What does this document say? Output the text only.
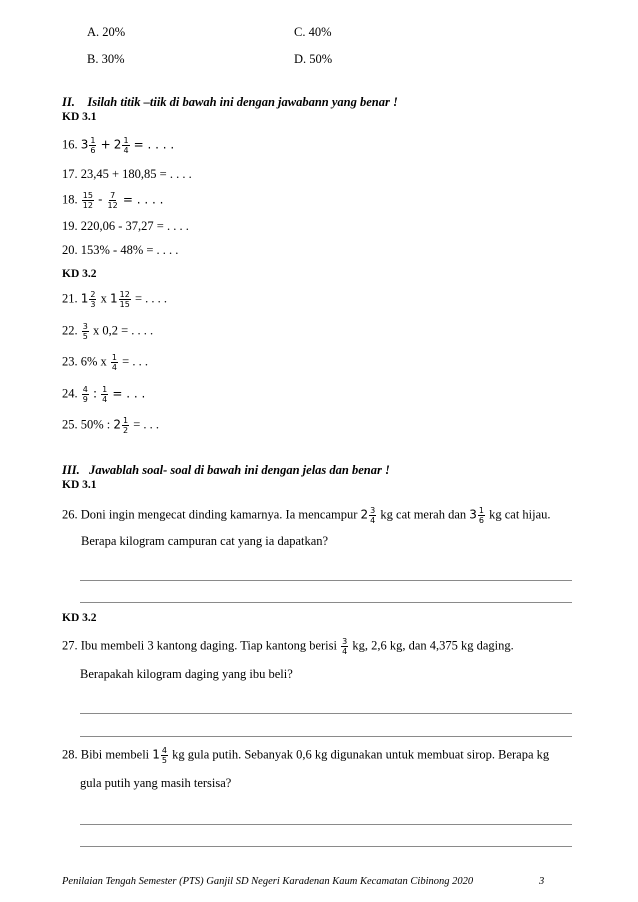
A. 20%	C. 40%
B. 30%	D. 50%
II. Isilah titik –tiik di bawah ini dengan jawabann yang benar !
KD 3.1
16. $3 \frac{1}{6} + 2 \frac{1}{4}$ = . . . .
17. 23,45 + 180,85 = . . . .
18. $\frac{15}{12} - \frac{7}{12}$ = . . . .
19. 220,06 - 37,27 = . . . .
20. 153% - 48% = . . . .
KD 3.2
21. $1 \frac{2}{3}$ x $1 \frac{12}{15}$ = . . . .
22. $\frac{3}{5}$ x 0,2 = . . . .
23. 6% x $\frac{1}{4}$ = . . .
24. $\frac{4}{9}$ : $\frac{1}{4}$ = . . .
25. 50% : $2 \frac{1}{2}$ = . . .
III. Jawablah soal- soal di bawah ini dengan jelas dan benar !
KD 3.1
26. Doni ingin mengecat dinding kamarnya. Ia mencampur $2 \frac{3}{4}$ kg cat merah dan $3 \frac{1}{6}$ kg cat hijau.
Berapa kilogram campuran cat yang ia dapatkan?
KD 3.2
27. Ibu membeli 3 kantong daging. Tiap kantong berisi $\frac{3}{4}$ kg, 2,6 kg, dan 4,375 kg daging.
Berapakah kilogram daging yang ibu beli?
28. Bibi membeli $1 \frac{4}{5}$ kg gula putih. Sebanyak 0,6 kg digunakan untuk membuat sirop. Berapa kg
gula putih yang masih tersisa?
Penilaian Tengah Semester (PTS) Ganjil SD Negeri Karadenan Kaum Kecamatan Cibinong 2020	3
